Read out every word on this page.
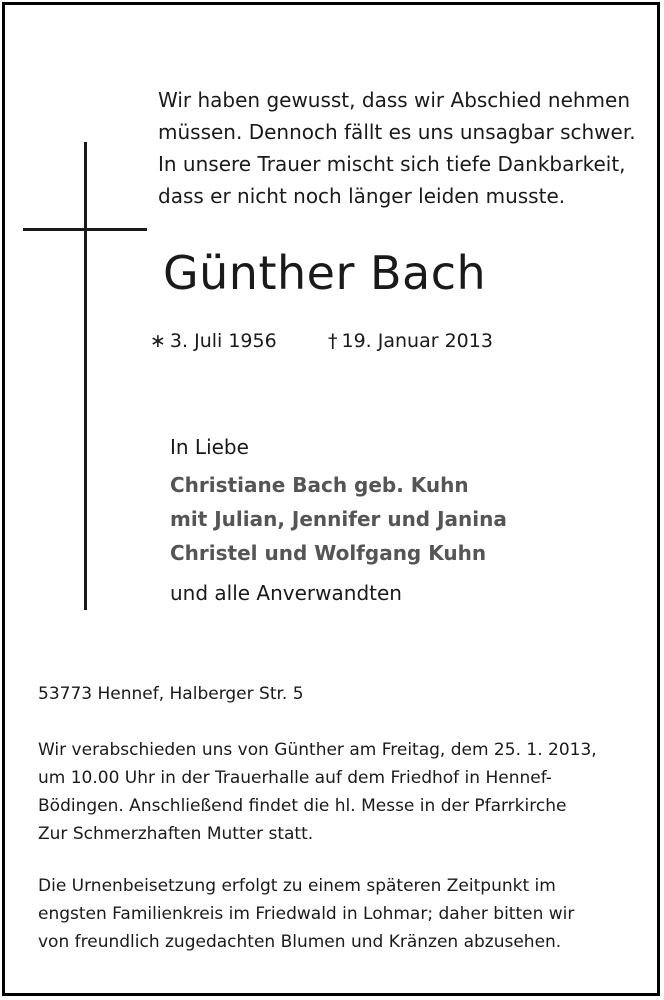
Wir haben gewusst, dass wir Abschied nehmen
müssen. Dennoch fällt es uns unsagbar schwer.
In unsere Trauer mischt sich tiefe Dankbarkeit,
dass er nicht noch länger leiden musste.
Günther Bach
∗ 3. Juli 1956	† 19. Januar 2013
In Liebe
Christiane Bach geb. Kuhn
mit Julian, Jennifer und Janina
Christel und Wolfgang Kuhn
und alle Anverwandten
53773 Hennef, Halberger Str. 5
Wir verabschieden uns von Günther am Freitag, dem 25. 1. 2013,
um 10.00 Uhr in der Trauerhalle auf dem Friedhof in Hennef-
Bödingen. Anschließend findet die hl. Messe in der Pfarrkirche
Zur Schmerzhaften Mutter statt.
Die Urnenbeisetzung erfolgt zu einem späteren Zeitpunkt im
engsten Familienkreis im Friedwald in Lohmar; daher bitten wir
von freundlich zugedachten Blumen und Kränzen abzusehen.
